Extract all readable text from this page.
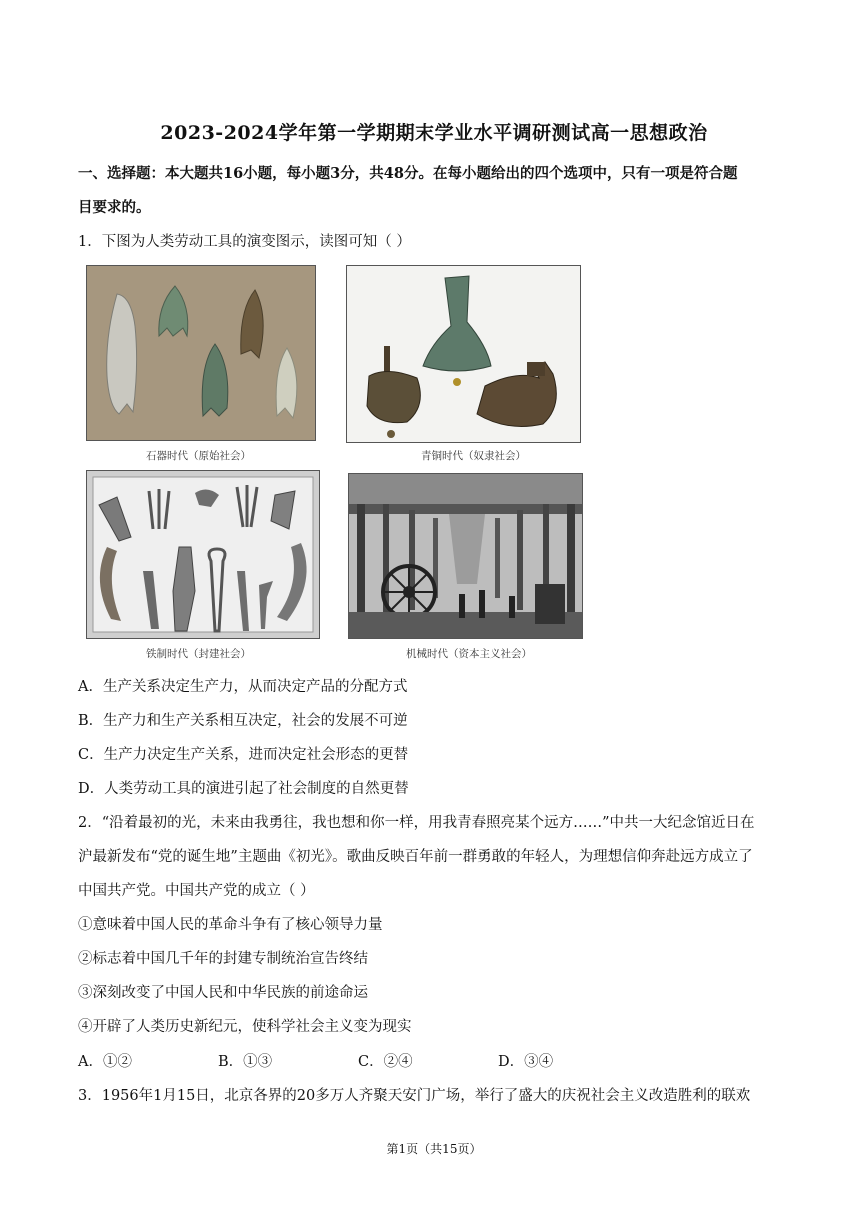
2023-2024学年第一学期期末学业水平调研测试高一思想政治
一、选择题：本大题共16小题，每小题3分，共48分。在每小题给出的四个选项中，只有一项是符合题
目要求的。
1．下图为人类劳动工具的演变图示，读图可知（ ）
石器时代（原始社会）	青铜时代（奴隶社会）
铁制时代（封建社会）	机械时代（资本主义社会）
A．生产关系决定生产力，从而决定产品的分配方式
B．生产力和生产关系相互决定，社会的发展不可逆
C．生产力决定生产关系，进而决定社会形态的更替
D．人类劳动工具的演进引起了社会制度的自然更替
2．“沿着最初的光，未来由我勇往，我也想和你一样，用我青春照亮某个远方……”中共一大纪念馆近日在
沪最新发布“党的诞生地”主题曲《初光》。歌曲反映百年前一群勇敢的年轻人，为理想信仰奔赴远方成立了
中国共产党。中国共产党的成立（ ）
①意味着中国人民的革命斗争有了核心领导力量
②标志着中国几千年的封建专制统治宣告终结
③深刻改变了中国人民和中华民族的前途命运
④开辟了人类历史新纪元，使科学社会主义变为现实
A．①②	B．①③	C．②④	D．③④
3．1956年1月15日，北京各界的20多万人齐聚天安门广场，举行了盛大的庆祝社会主义改造胜利的联欢
第1页（共15页）
